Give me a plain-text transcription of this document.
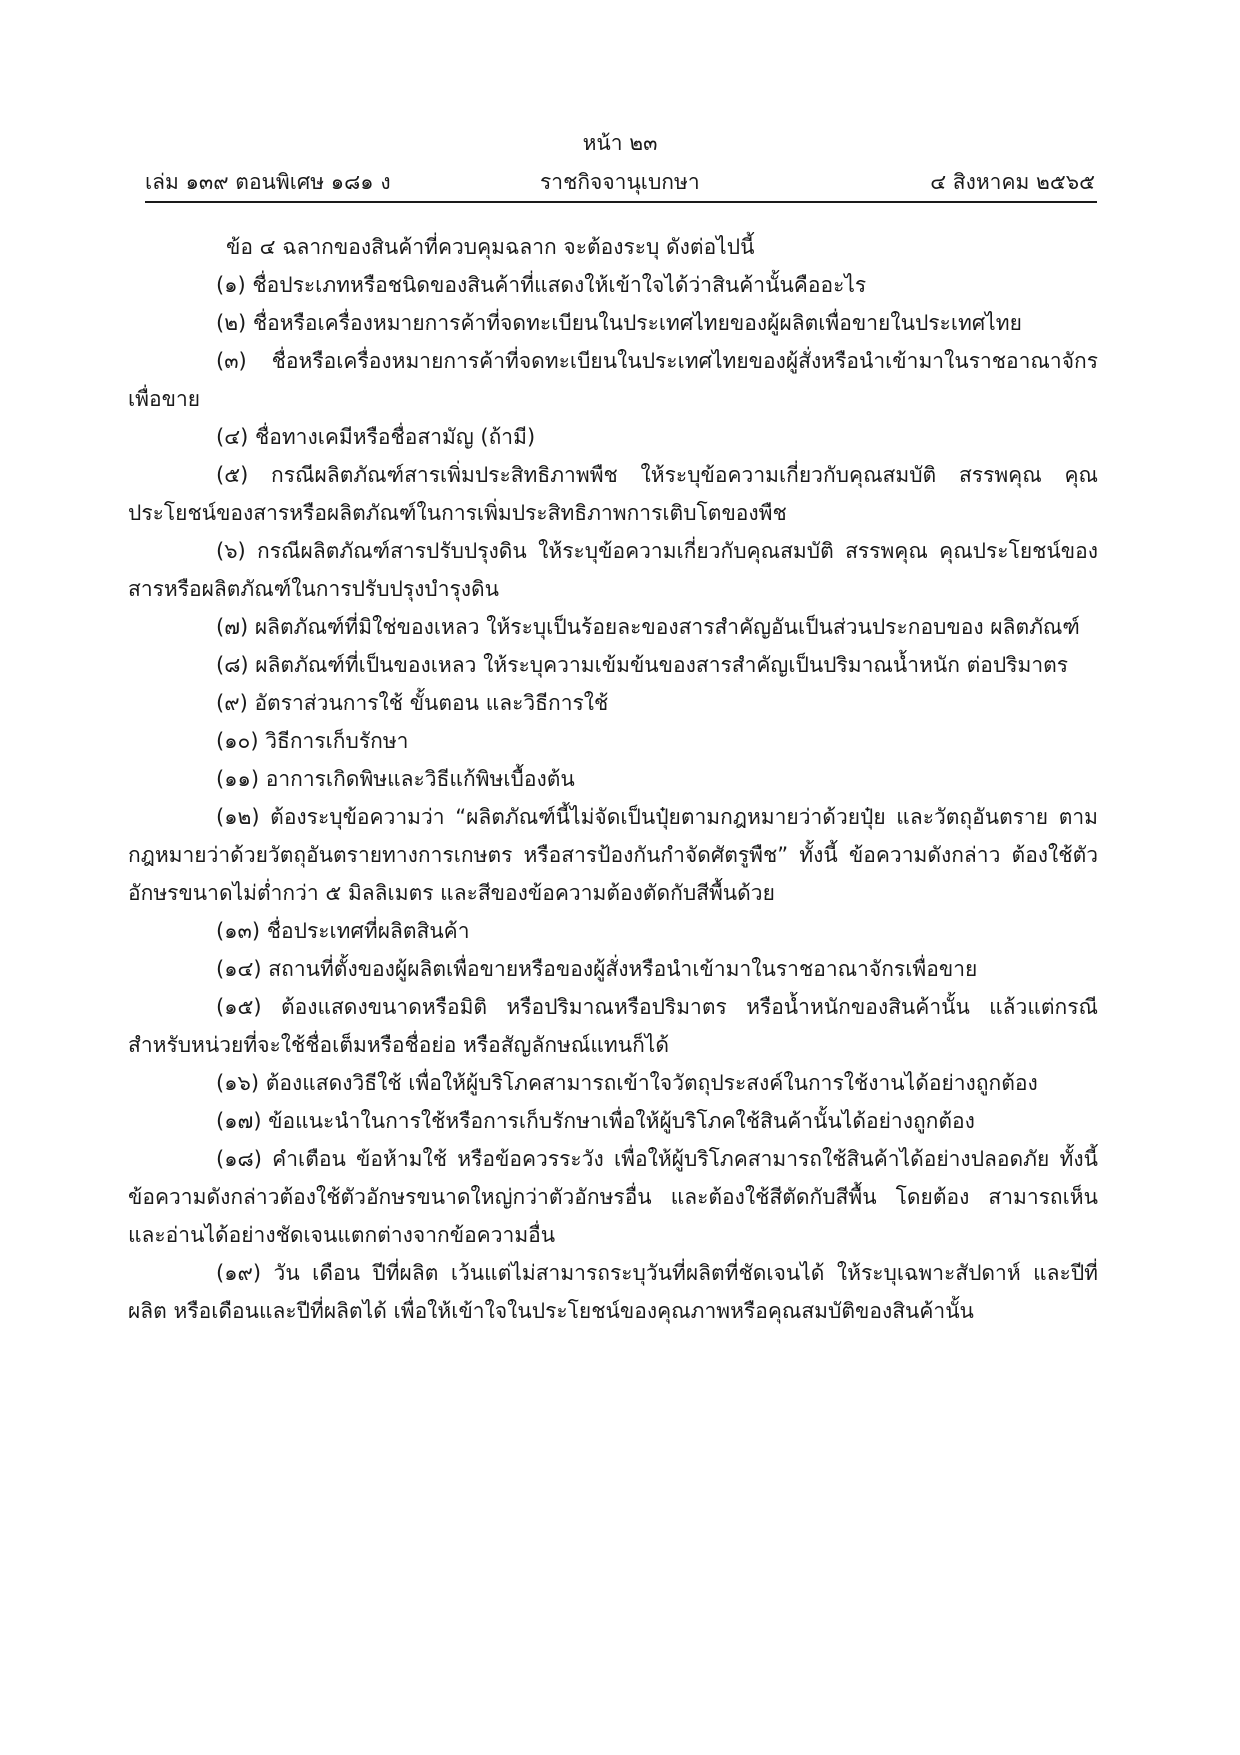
หน้า ๒๓
เล่ม ๑๓๙ ตอนพิเศษ ๑๘๑ ง	ราชกิจจานุเบกษา	๔ สิงหาคม ๒๕๖๕

ข้อ ๔ ฉลากของสินค้าที่ควบคุมฉลาก จะต้องระบุ ดังต่อไปนี้

(๑) ชื่อประเภทหรือชนิดของสินค้าที่แสดงให้เข้าใจได้ว่าสินค้านั้นคืออะไร

(๒) ชื่อหรือเครื่องหมายการค้าที่จดทะเบียนในประเทศไทยของผู้ผลิตเพื่อขายในประเทศไทย

(๓) ชื่อหรือเครื่องหมายการค้าที่จดทะเบียนในประเทศไทยของผู้สั่งหรือนำเข้ามาในราชอาณาจักร เพื่อขาย

(๔) ชื่อทางเคมีหรือชื่อสามัญ (ถ้ามี)

(๕) กรณีผลิตภัณฑ์สารเพิ่มประสิทธิภาพพืช ให้ระบุข้อความเกี่ยวกับคุณสมบัติ สรรพคุณ คุณประโยชน์ของสารหรือผลิตภัณฑ์ในการเพิ่มประสิทธิภาพการเติบโตของพืช

(๖) กรณีผลิตภัณฑ์สารปรับปรุงดิน ให้ระบุข้อความเกี่ยวกับคุณสมบัติ สรรพคุณ คุณประโยชน์ของสารหรือผลิตภัณฑ์ในการปรับปรุงบำรุงดิน

(๗) ผลิตภัณฑ์ที่มิใช่ของเหลว ให้ระบุเป็นร้อยละของสารสำคัญอันเป็นส่วนประกอบของ ผลิตภัณฑ์

(๘) ผลิตภัณฑ์ที่เป็นของเหลว ให้ระบุความเข้มข้นของสารสำคัญเป็นปริมาณน้ำหนัก ต่อปริมาตร

(๙) อัตราส่วนการใช้ ขั้นตอน และวิธีการใช้

(๑๐) วิธีการเก็บรักษา

(๑๑) อาการเกิดพิษและวิธีแก้พิษเบื้องต้น

(๑๒) ต้องระบุข้อความว่า “ผลิตภัณฑ์นี้ไม่จัดเป็นปุ๋ยตามกฎหมายว่าด้วยปุ๋ย และวัตถุอันตราย ตามกฎหมายว่าด้วยวัตถุอันตรายทางการเกษตร หรือสารป้องกันกำจัดศัตรูพืช” ทั้งนี้ ข้อความดังกล่าว ต้องใช้ตัวอักษรขนาดไม่ต่ำกว่า ๕ มิลลิเมตร และสีของข้อความต้องตัดกับสีพื้นด้วย

(๑๓) ชื่อประเทศที่ผลิตสินค้า

(๑๔) สถานที่ตั้งของผู้ผลิตเพื่อขายหรือของผู้สั่งหรือนำเข้ามาในราชอาณาจักรเพื่อขาย

(๑๕) ต้องแสดงขนาดหรือมิติ หรือปริมาณหรือปริมาตร หรือน้ำหนักของสินค้านั้น แล้วแต่กรณี สำหรับหน่วยที่จะใช้ชื่อเต็มหรือชื่อย่อ หรือสัญลักษณ์แทนก็ได้

(๑๖) ต้องแสดงวิธีใช้ เพื่อให้ผู้บริโภคสามารถเข้าใจวัตถุประสงค์ในการใช้งานได้อย่างถูกต้อง

(๑๗) ข้อแนะนำในการใช้หรือการเก็บรักษาเพื่อให้ผู้บริโภคใช้สินค้านั้นได้อย่างถูกต้อง

(๑๘) คำเตือน ข้อห้ามใช้ หรือข้อควรระวัง เพื่อให้ผู้บริโภคสามารถใช้สินค้าได้อย่างปลอดภัย ทั้งนี้ ข้อความดังกล่าวต้องใช้ตัวอักษรขนาดใหญ่กว่าตัวอักษรอื่น และต้องใช้สีตัดกับสีพื้น โดยต้อง สามารถเห็นและอ่านได้อย่างชัดเจนแตกต่างจากข้อความอื่น

(๑๙) วัน เดือน ปีที่ผลิต เว้นแต่ไม่สามารถระบุวันที่ผลิตที่ชัดเจนได้ ให้ระบุเฉพาะสัปดาห์ และปีที่ผลิต หรือเดือนและปีที่ผลิตได้ เพื่อให้เข้าใจในประโยชน์ของคุณภาพหรือคุณสมบัติของสินค้านั้น
